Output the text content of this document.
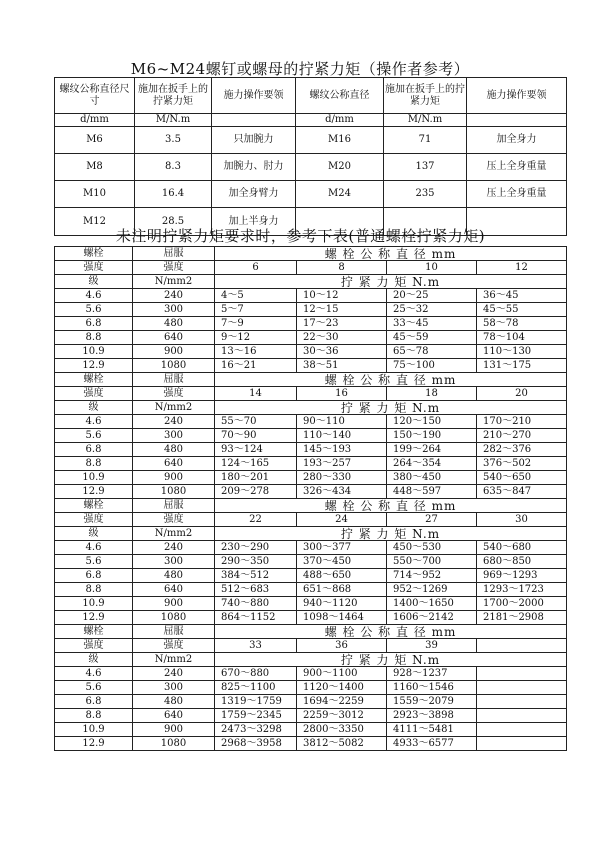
M6~M24螺钉或螺母的拧紧力矩（操作者参考）
螺纹公称直径尺寸	施加在扳手上的拧紧力矩	施力操作要领	螺纹公称直径	施加在扳手上的拧紧力矩	施力操作要领
d/mm	M/N.m		d/mm	M/N.m	
M6	3.5	只加腕力	M16	71	加全身力
M8	8.3	加腕力、肘力	M20	137	压上全身重量
M10	16.4	加全身臂力	M24	235	压上全身重量
M12	28.5	加上半身力			
未注明拧紧力矩要求时，参考下表(普通螺栓拧紧力矩)					
螺栓	屈服	螺 栓 公 称 直 径 mm			
强度	强度	6	8	10	12
级	N/mm2	拧 紧 力 矩 N.m			
4.6	240	4～5	10～12	20～25	36～45
5.6	300	5～7	12～15	25～32	45～55
6.8	480	7～9	17～23	33～45	58～78
8.8	640	9～12	22～30	45～59	78～104
10.9	900	13～16	30～36	65～78	110～130
12.9	1080	16～21	38～51	75～100	131～175
螺栓	屈服	螺 栓 公 称 直 径 mm			
强度	强度	14	16	18	20
级	N/mm2	拧 紧 力 矩 N.m			
4.6	240	55～70	90～110	120～150	170～210
5.6	300	70～90	110～140	150～190	210～270
6.8	480	93～124	145～193	199～264	282～376
8.8	640	124～165	193～257	264～354	376～502
10.9	900	180～201	280～330	380～450	540～650
12.9	1080	209～278	326～434	448～597	635～847
螺栓	屈服	螺 栓 公 称 直 径 mm			
强度	强度	22	24	27	30
级	N/mm2	拧 紧 力 矩 N.m			
4.6	240	230～290	300～377	450～530	540～680
5.6	300	290～350	370～450	550～700	680～850
6.8	480	384～512	488～650	714～952	969～1293
8.8	640	512～683	651～868	952～1269	1293～1723
10.9	900	740～880	940～1120	1400～1650	1700～2000
12.9	1080	864～1152	1098～1464	1606～2142	2181～2908
螺栓	屈服	螺 栓 公 称 直 径 mm			
强度	强度	33	36	39	
级	N/mm2	拧 紧 力 矩 N.m			
4.6	240	670～880	900～1100	928～1237	
5.6	300	825～1100	1120～1400	1160～1546	
6.8	480	1319～1759	1694～2259	1559～2079	
8.8	640	1759～2345	2259～3012	2923～3898	
10.9	900	2473～3298	2800～3350	4111～5481	
12.9	1080	2968～3958	3812～5082	4933～6577	
